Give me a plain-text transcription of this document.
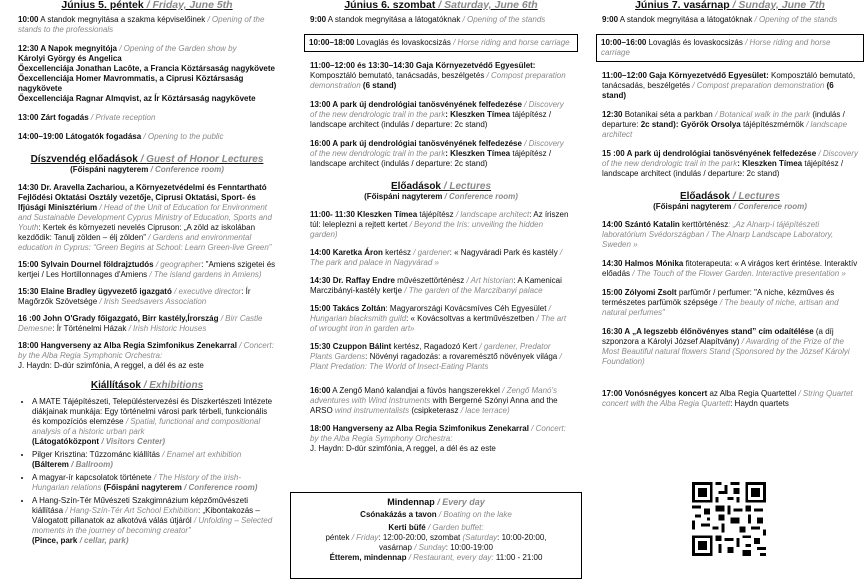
Június 5. péntek / Friday, June 5th
10:00 A standok megnyitása a szakma képviselőinek / Opening of the stands to the professionals
12:30 A Napok megnyitója / Opening of the Garden show by
Károlyi György és Angelica
Őexcellenciája Jonathan Lacôte, a Francia Köztársaság nagykövete
Őexcellenciája Homer Mavrommatis, a Ciprusi Köztársaság nagykövete
Őexcellenciája Ragnar Almqvist, az Ír Köztársaság nagykövete
13:00 Zárt fogadás / Private reception
14:00–19:00 Látogatók fogadása / Opening to the public
Díszvendég előadások / Guest of Honor Lectures
(Főispáni nagyterem / Conference room)
14:30 Dr. Aravella Zachariou, a Környezetvédelmi és Fenntartható Fejlődési Oktatási Osztály vezetője, Ciprusi Oktatási, Sport- és Ifjúsági Minisztérium / Head of the Unit of Education for Environment and Sustainable Development Cyprus Ministry of Education, Sports and Youth: Kertek és környezeti nevelés Cipruson: „A zöld az iskolában kezdődik: Tanulj zölden – élj zölden” / Gardens and environmental education in Cyprus: “Green Begins at School: Learn Green-live Green”
15:00 Sylvain Dournel földrajztudós / geographer: "Amiens szigetei és kertjei / Les Hortillonnages d'Amiens / The island gardens in Amiens)
15:30 Elaine Bradley ügyvezető igazgató / executive director: Ír Magőrzők Szövetsége / Irish Seedsavers Association
16 :00 John O'Grady főigazgató, Birr kastély,Írország / Birr Castle Demesne: Ír Történelmi Házak / Irish Historic Houses
18:00 Hangverseny az Alba Regia Szimfonikus Zenekarral / Concert: by the Alba Regia Symphonic Orchestra:
J. Haydn: D-dúr szimfónia, A reggel, a dél és az este
Kiállítások / Exhibitions
• A MATE Tájépítészeti, Településtervezési és Díszkertészeti Intézete diákjainak munkája: Egy történelmi városi park térbeli, funkcionális és kompozíciós elemzése / Spatial, functional and compositional analysis of a historic urban park
(Látogatóközpont / Visitors Center)
• Pilger Krisztina: Tűzzománc kiállítás / Enamel art exhibition
(Bálterem / Ballroom)
• A magyar-ír kapcsolatok története / The History of the irish-Hungarian relations (Főispáni nagyterem / Conference room)
• A Hang-Szín-Tér Művészeti Szakgimnázium képzőművészeti kiállítása / Hang-Szín-Tér Art School Exhibition: „Kibontakozás – Válogatott pillanatok az alkotóvá válás útjáról / Unfolding – Selected moments in the journey of becoming creator”
(Pince, park / cellar, park)
Június 6. szombat / Saturday, June 6th
9:00 A standok megnyitása a látogatóknak / Opening of the stands
10:00–18:00 Lovaglás és lovaskocsizás / Horse riding and horse carriage
11:00–12:00 és 13:30–14:30 Gaja Környezetvédő Egyesület:
Komposztáló bemutató, tanácsadás, beszélgetés / Compost preparation demonstration (6 stand)
13:00 A park új dendrológiai tanösvényének felfedezése / Discovery of the new dendrologic trail in the park: Kleszken Tímea tájépítész / landscape architect (indulás / departure: 2c stand)
16:00 A park új dendrológiai tanösvényének felfedezése / Discovery of the new dendrologic trail in the park: Kleszken Tímea tájépítész / landscape architect (indulás / departure: 2c stand)
Előadások / Lectures
(Főispáni nagyterem / Conference room)
11:00- 11:30 Kleszken Tímea tájépítész / landscape architect: Az íriszen túl: leleplezni a rejtett kertet / Beyond the Iris: unveiling the hidden garden)
14:00 Karetka Áron kertész / gardener: « Nagyváradi Park és kastély / The park and palace in Nagyvárad »
14:30 Dr. Raffay Endre művészettörténész / Art historian: A Kamenicai Marczibányi-kastély kertje / The garden of the Marczibanyi palace
15:00 Takács Zoltán: Magyarországi Kovácsmíves Céh Egyesület / Hungarian blacksmith guild: « Kovácsoltvas a kertművészetben / The art of wrought iron in garden art»
15:30 Czuppon Bálint kertész, Ragadozó Kert / gardener, Predator Plants Gardens: Növényi ragadozás: a rovaremésztő növények világa / Plant Predation: The World of Insect-Eating Plants
16:00 A Zengő Manó kalandjai a fúvós hangszerekkel / Zengő Manó's adventures with Wind Instruments with Bergerné Szónyi Anna and the ARSO wind instrumentalists (csipketerasz / lace terrace)
18:00 Hangverseny az Alba Regia Szimfonikus Zenekarral / Concert: by the Alba Regia Symphony Orchestra:
J. Haydn: D-dúr szimfónia, A reggel, a dél és az este
Mindennap / Every day

Csónakázás a tavon / Boating on the lake

Kerti büfé / Garden buffet:
péntek / Friday: 12:00-20:00, szombat (Saturday: 10:00-20:00,
vasárnap / Sunday: 10:00-19:00
Étterem, mindennap / Restaurant, every day: 11:00 - 21:00

Június 7. vasárnap / Sunday, June 7th
9:00 A standok megnyitása a látogatóknak / Opening of the stands
10:00–16:00 Lovaglás és lovaskocsizás / Horse riding and horse carriage
11:00–12:00 Gaja Környezetvédő Egyesület: Komposztáló bemutató, tanácsadás, beszélgetés / Compost preparation demonstration (6 stand)
12:30 Botanikai séta a parkban / Botanical walk in the park (indulás / departure: 2c stand): Györök Orsolya tájépítészmérnök / landscape architect
15 :00 A park új dendrológiai tanösvényének felfedezése / Discovery of the new dendrologic trail in the park: Kleszken Tímea tájépítész / landscape architect (indulás / departure: 2c stand)
Előadások / Lectures
(Főispáni nagyterem / Conference room)
14:00 Szántó Katalin kerttörténész: „Az Alnarp-i tájépítészeti laboratórium Svédországban / The Alnarp Landscape Laboratory, Sweden »
14:30 Halmos Mónika fitoterapeuta: « A virágos kert érintése. Interaktív előadás / The Touch of the Flower Garden. Interactive presentation »
15:00 Zólyomi Zsolt parfümőr / perfumer: "A niche, kézműves és természetes parfümök szépsége / The beauty of niche, artisan and natural perfumes"
16:30 A „A legszebb élőnövényes stand” cím odaítélése (a díj szponzora a Károlyi József Alapítvány) / Awarding of the Prize of the Most Beautiful natural flowers Stand (Sponsored by the József Károlyi Foundation)
17:00 Vonósnégyes koncert az Alba Regia Quartettel / String Quartet concert with the Alba Regia Quartett: Haydn quartets
